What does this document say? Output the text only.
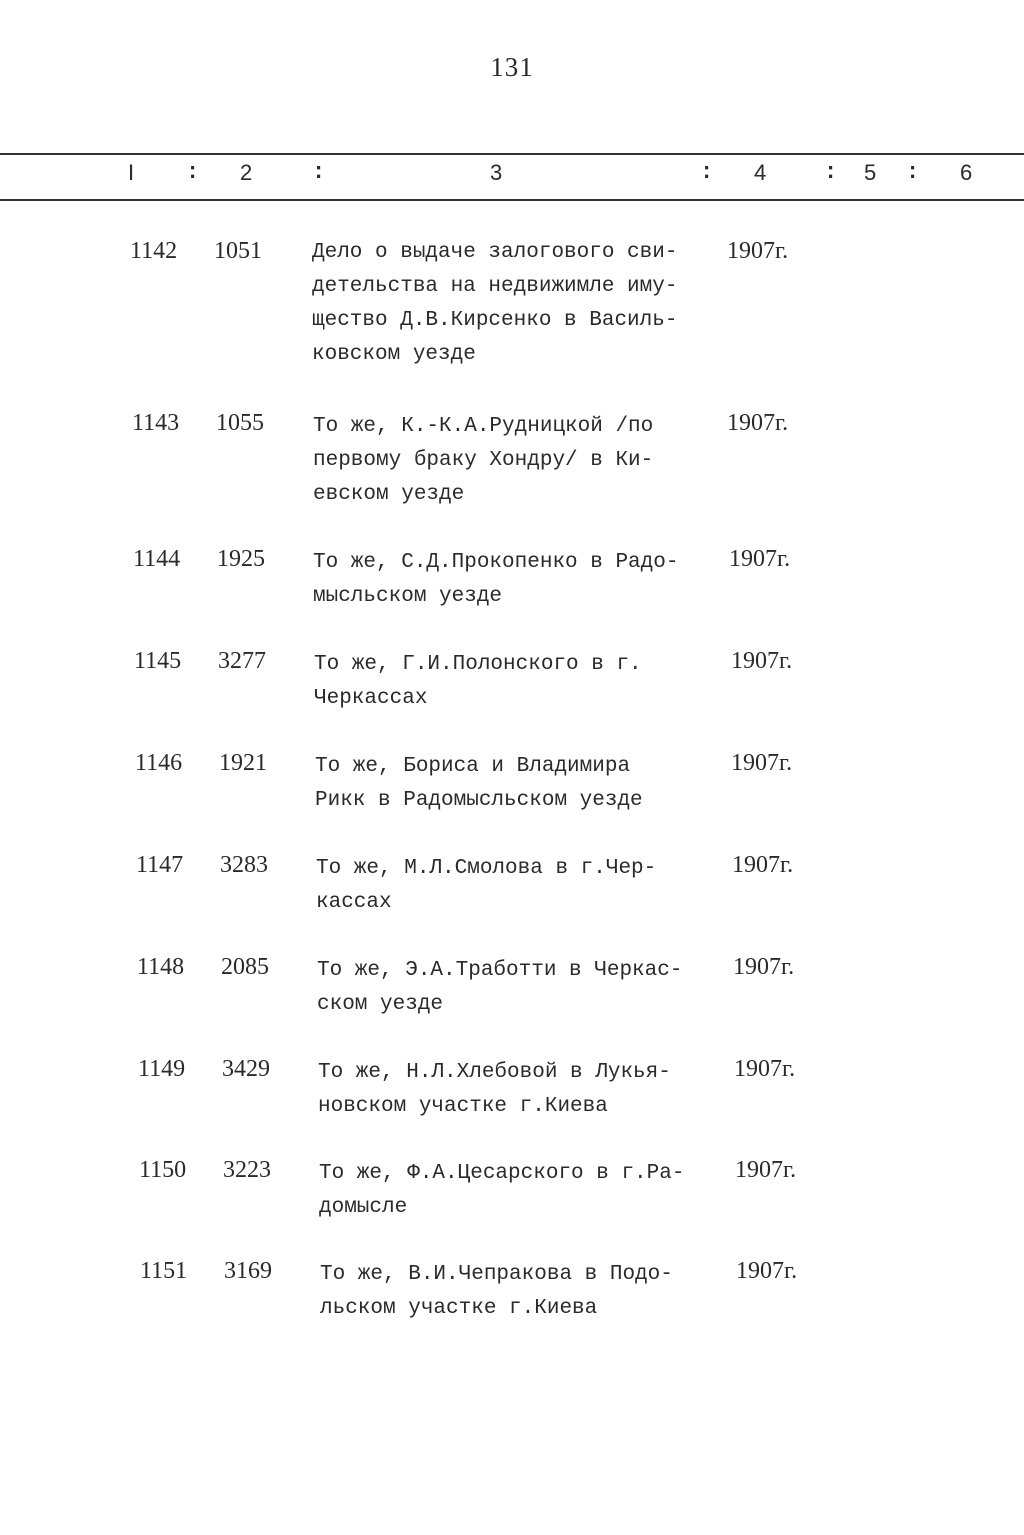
131
I : 2	:	3	: 4	: 5 : 6
1142 1051 Дело о выдаче залогового сви-
детельства на недвижимле иму-
щество Д.В.Кирсенко в Василь-
ковском уезде
1907г.
1143 1055 То же, К.-К.А.Рудницкой /по
первому браку Хондру/ в Ки-
евском уезде
1907г.
1144 1925 То же, С.Д.Прокопенко в Радо-
мысльском уезде
1907г.
1145 3277 То же, Г.И.Полонского в г.
Черкассах
1907г.
1146 1921 То же, Бориса и Владимира
Рикк в Радомысльском уезде
1907г.
1147 3283 То же, М.Л.Смолова в г.Чер-
кассах
1907г.
1148 2085 То же, Э.А.Тработти в Черкас-
ском уезде
1907г.
1149 3429 То же, Н.Л.Хлебовой в Лукья-
новском участке г.Киева
1907г.
1150 3223 То же, Ф.А.Цесарского в г.Ра-
домысле
1907г.
1151 3169 То же, В.И.Чепракова в Подо-
льском участке г.Киева
1907г.
